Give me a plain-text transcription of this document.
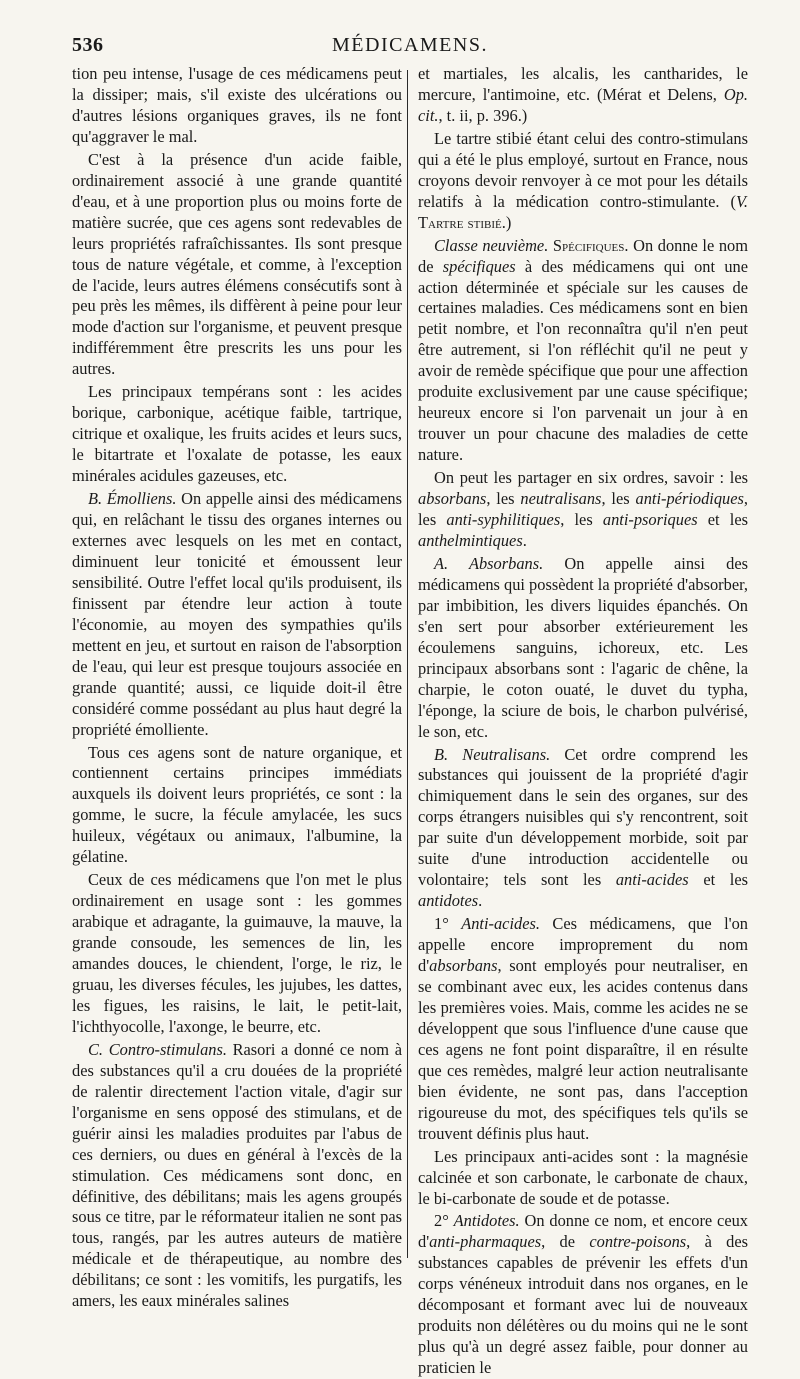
536	MÉDICAMENS.

tion peu intense, l'usage de ces médicamens peut la dissiper; mais, s'il existe des ulcérations ou d'autres lésions organiques graves, ils ne font qu'aggraver le mal.

C'est à la présence d'un acide faible, ordinairement associé à une grande quantité d'eau, et à une proportion plus ou moins forte de matière sucrée, que ces agens sont redevables de leurs propriétés rafraîchissantes. Ils sont presque tous de nature végétale, et comme, à l'exception de l'acide, leurs autres élémens consécutifs sont à peu près les mêmes, ils diffèrent à peine pour leur mode d'action sur l'organisme, et peuvent presque indifféremment être prescrits les uns pour les autres.

Les principaux tempérans sont : les acides borique, carbonique, acétique faible, tartrique, citrique et oxalique, les fruits acides et leurs sucs, le bitartrate et l'oxalate de potasse, les eaux minérales acidules gazeuses, etc.

B. Émolliens. On appelle ainsi des médicamens qui, en relâchant le tissu des organes internes ou externes avec lesquels on les met en contact, diminuent leur tonicité et émoussent leur sensibilité. Outre l'effet local qu'ils produisent, ils finissent par étendre leur action à toute l'économie, au moyen des sympathies qu'ils mettent en jeu, et surtout en raison de l'absorption de l'eau, qui leur est presque toujours associée en grande quantité; aussi, ce liquide doit-il être considéré comme possédant au plus haut degré la propriété émolliente.

Tous ces agens sont de nature organique, et contiennent certains principes immédiats auxquels ils doivent leurs propriétés, ce sont : la gomme, le sucre, la fécule amylacée, les sucs huileux, végétaux ou animaux, l'albumine, la gélatine.

Ceux de ces médicamens que l'on met le plus ordinairement en usage sont : les gommes arabique et adragante, la guimauve, la mauve, la grande consoude, les semences de lin, les amandes douces, le chiendent, l'orge, le riz, le gruau, les diverses fécules, les jujubes, les dattes, les figues, les raisins, le lait, le petit-lait, l'ichthyocolle, l'axonge, le beurre, etc.

C. Contro-stimulans. Rasori a donné ce nom à des substances qu'il a cru douées de la propriété de ralentir directement l'action vitale, d'agir sur l'organisme en sens opposé des stimulans, et de guérir ainsi les maladies produites par l'abus de ces derniers, ou dues en général à l'excès de la stimulation. Ces médicamens sont donc, en définitive, des débilitans; mais les agens groupés sous ce titre, par le réformateur italien ne sont pas tous, rangés, par les autres auteurs de matière médicale et de thérapeutique, au nombre des débilitans; ce sont : les vomitifs, les purgatifs, les amers, les eaux minérales salines

et martiales, les alcalis, les cantharides, le mercure, l'antimoine, etc. (Mérat et Delens, Op. cit., t. ii, p. 396.)

Le tartre stibié étant celui des contro-stimulans qui a été le plus employé, surtout en France, nous croyons devoir renvoyer à ce mot pour les détails relatifs à la médication contro-stimulante. (V. Tartre stibié.)

Classe neuvième. Spécifiques. On donne le nom de spécifiques à des médicamens qui ont une action déterminée et spéciale sur les causes de certaines maladies. Ces médicamens sont en bien petit nombre, et l'on reconnaîtra qu'il n'en peut être autrement, si l'on réfléchit qu'il ne peut y avoir de remède spécifique que pour une affection produite exclusivement par une cause spécifique; heureux encore si l'on parvenait un jour à en trouver un pour chacune des maladies de cette nature.

On peut les partager en six ordres, savoir : les absorbans, les neutralisans, les anti-périodiques, les anti-syphilitiques, les anti-psoriques et les anthelmintiques.

A. Absorbans. On appelle ainsi des médicamens qui possèdent la propriété d'absorber, par imbibition, les divers liquides épanchés. On s'en sert pour absorber extérieurement les écoulemens sanguins, ichoreux, etc. Les principaux absorbans sont : l'agaric de chêne, la charpie, le coton ouaté, le duvet du typha, l'éponge, la sciure de bois, le charbon pulvérisé, le son, etc.

B. Neutralisans. Cet ordre comprend les substances qui jouissent de la propriété d'agir chimiquement dans le sein des organes, sur des corps étrangers nuisibles qui s'y rencontrent, soit par suite d'un développement morbide, soit par suite d'une introduction accidentelle ou volontaire; tels sont les anti-acides et les antidotes.

1° Anti-acides. Ces médicamens, que l'on appelle encore improprement du nom d'absorbans, sont employés pour neutraliser, en se combinant avec eux, les acides contenus dans les premières voies. Mais, comme les acides ne se développent que sous l'influence d'une cause que ces agens ne font point disparaître, il en résulte que ces remèdes, malgré leur action neutralisante bien évidente, ne sont pas, dans l'acception rigoureuse du mot, des spécifiques tels qu'ils se trouvent définis plus haut.

Les principaux anti-acides sont : la magnésie calcinée et son carbonate, le carbonate de chaux, le bi-carbonate de soude et de potasse.

2° Antidotes. On donne ce nom, et encore ceux d'anti-pharmaques, de contre-poisons, à des substances capables de prévenir les effets d'un corps vénéneux introduit dans nos organes, en le décomposant et formant avec lui de nouveaux produits non délétères ou du moins qui ne le sont plus qu'à un degré assez faible, pour donner au praticien le
